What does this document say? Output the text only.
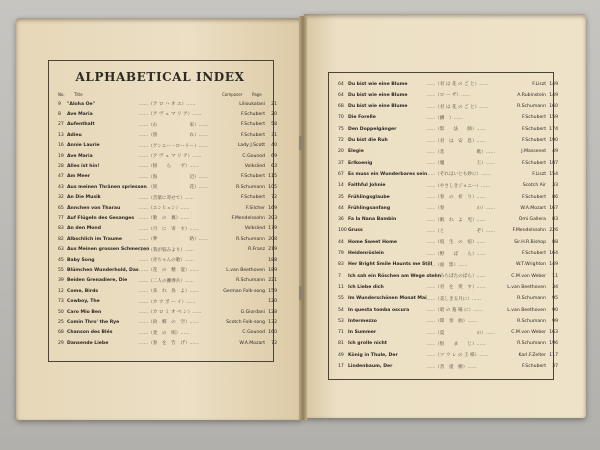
ALPHABETICAL INDEX
No. Title	Composer Page
9	"Aloha Oe"	……（ア ロ ハ オ エ）……	Lilioukalani	21
8	Ave Maria	……（ア ヴ ェ マ リ ア）……	F.Schubert	20
27 Aufenthalt	……（わ　　　　　　　家）……	F.Schubert	58
13 Adieu	……（別　　　　　　　れ）……	F.Schubert	31
16 Annie Laurie	……（アンニー・ローリー）……	Lady J.Scott	40
19 Ave Maria	……（ア ヴ ェ マ リ ア）……	C.Gounod	69
28 Alles ist hin!	……（帰　　ら　　ず）……	Volkslied	63
47 Am Meer	……（海　　　　　　　辺）……	F.Schubert 115
43 Aus meinen Thränen spriessen
……（涙　　　　　　　花）……	R.Schumann 105
32 An Die Musik	……（音楽に寄せて）……	F.Schubert	72
65 Ännchen von Tharau	……（エンヒェン）……	F.Silcher 169
77 Auf Flügeln des Gesanges	……（歌　の　翼）……	F.Mendelssohn 203
83 An den Mond	……（月　に　寄　す）……	Volkslied 179
82 Albschlich im Traume	……（夢　　　　　　　路）……	R.Schumann 208
63 Aus Meinen grossen Schmerzen
……（我が悩みより）……	R.Franz 219
45 Baby Song	……（赤ちゃんの歌）……	188
55 Blümchen Wunderhold, Das ……（花　の　精　霊）……	L.van Beethoven 189
39 Beiden Grenadiere, Die	……（二人の擲弾兵）……	R.Schumann 221
12 Come, Birds	……（来　れ　鳥　よ）……	German Folk-song 159
73 Cowboy, The	……（カ ウ ボ ー イ）……	120
50 Caro Mio Ben	……（カ ロ ミ オ ベ ン）……	G.Giordani 128
25 Comin Thro' the Rye	……（故　郷　の　空）……	Scotch Folk-song 132
68 Chanson des Blés	……（麦　の　唄）……	C.Gounod 160
29 Dansende Liebe	……（春　を　告　げ）……	W.A.Mozart	72
64 Du bist wie eine Blume	……（君 は 花 の ご と）……	F.Liszt 149
64 Du bist wie eine Blume	……（ロ ー ザ）……	A.Rubinstein 149
68 Du bist wie eine Blume	……（君 は 花 の ご と）……	R.Schumann 160
70 Die Forelle	……（鱒　）……	F.Schubert 159
75 Den Doppelgänger	……（影　　法　　師）……	F.Schubert 174
72 Du bist die Ruh	……（君　は　安　息）……	F.Schubert 190
20 Elegie	……（悲　　　　　　　歌）……	J.Massenet	49
37 Erlkoenig	……（魔　　　　　　　王）……	F.Schubert 187
67 Es muss ein Wunderbares sein
……（それはいとも妙に）……	F.Liszt 154
14 Faithful Johnie	……（やさしきジョニー）……	Scotch Air	33
35 Frühlingsglaube	……（春　の　祈　り）……	F.Schubert	86
44 Frühlingsanfang	……（春　　　　　　　の）……	W.A.Mozart 167
36 Fa la Nana Bambin	……（眠　れ　よ　児）……	Omi Gallera	83
100 Gruss	……（と　　　　　　　ぞ）……	F.Mendelssohn 226
44 Home Sweet Home	……（埴　生　の　宿）……	Sir.H.R.Bishop	88
79 Heidenröslein	……（野　　ば　　ら）……	F.Schubert 164
83 Her Bright Smile Haunts me Still
……（面　影）……	W.T.Wrighton 149
7	Ich sah ein Röschen am Wege stehn
……（みちばたのばら）……	C.M.von Weber	11
11 Ich Liebe dich	……（君　を　愛　す）……	L.van Beethoven	34
55 Im Wunderschönen Monat Mai ……（美しき五月に）……	R.Schumann	95
54 In questa tomba oscura	……（暗 の 墓 場 に）……	L.van Beethoven	90
53 Intermezzo	……（間　奏　曲）……	R.Schumann	99
71 In Summer	……（夏　　　　　　　の）……	C.M.von Weber 163
81 Ich grolle nicht	……（恨　　ま　　じ）……	R.Schumann 196
49 König in Thule, Der	……（ツ ウ レ の 王 様）……	Karl.F.Zelter 117
17 Lindenbaum, Der	……（菩　提　樹）……	F.Schubert	37
